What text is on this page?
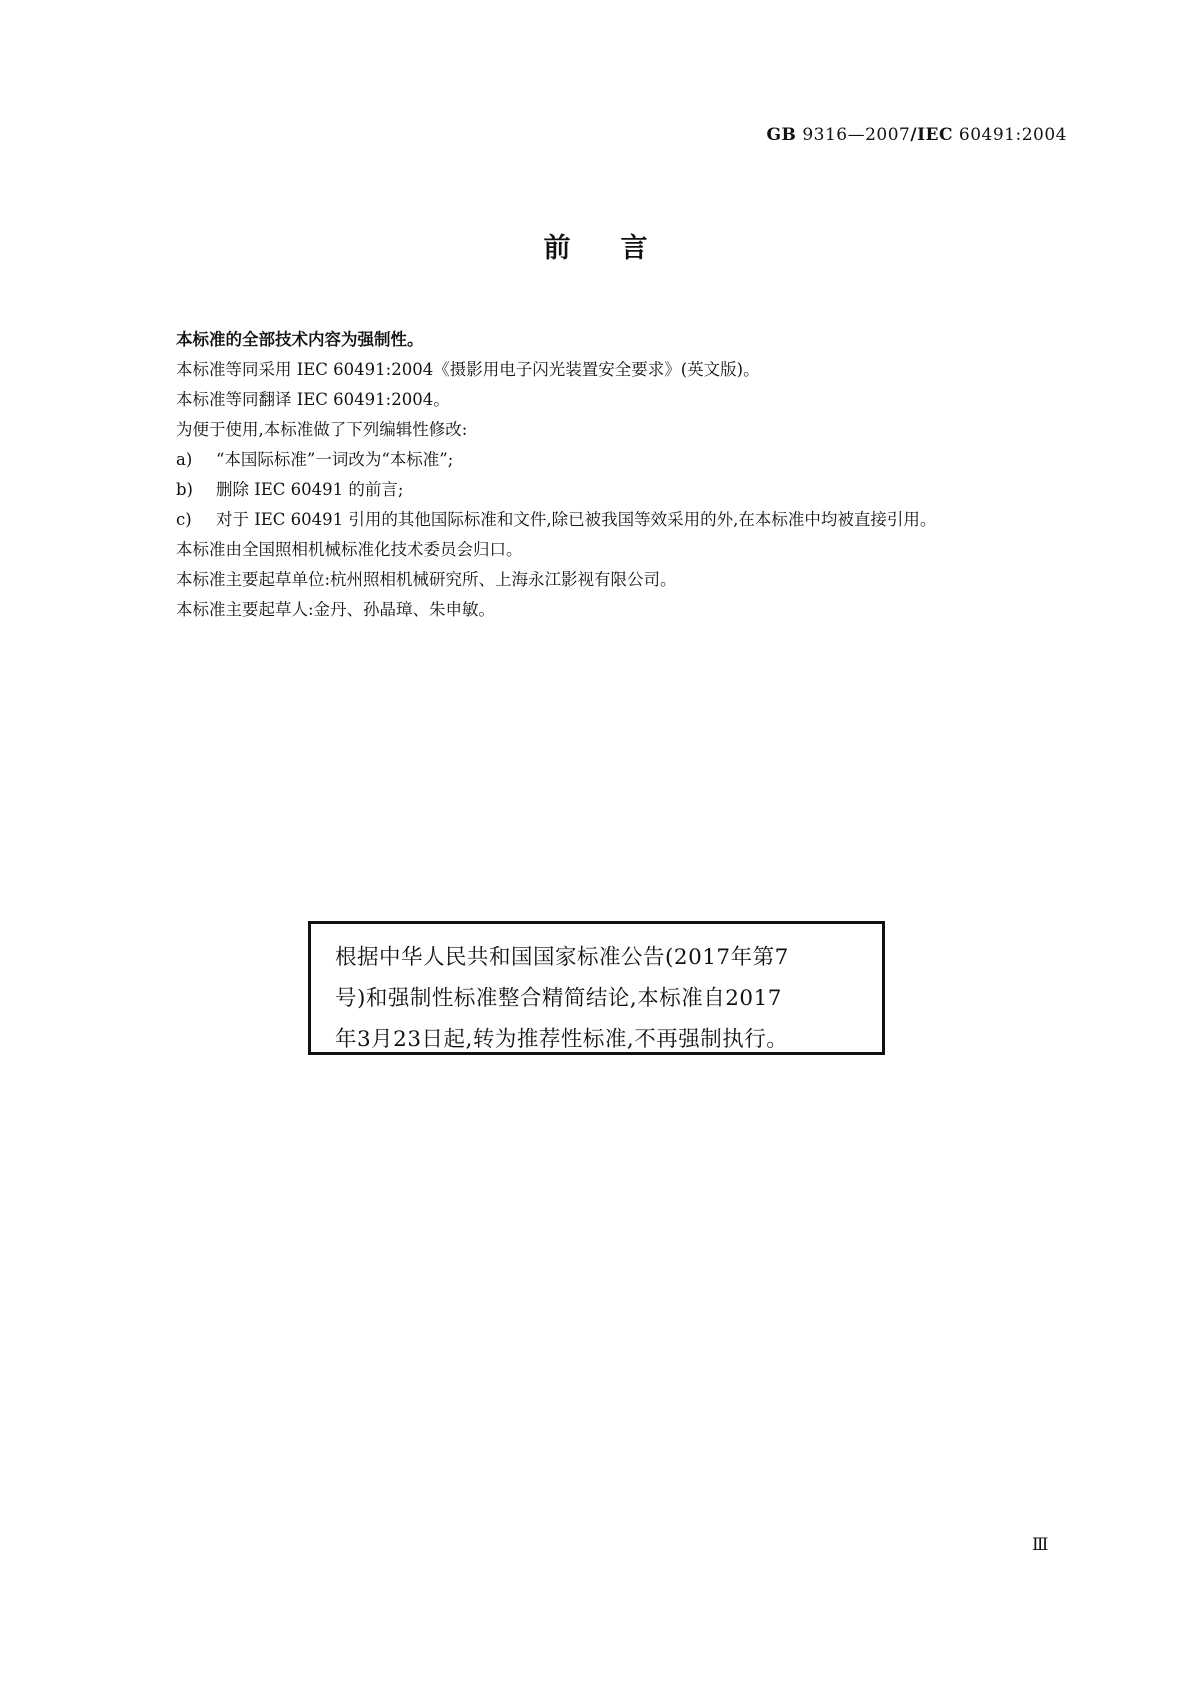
GB 9316—2007/IEC 60491:2004
前言

本标准的全部技术内容为强制性。

本标准等同采用 IEC 60491:2004《摄影用电子闪光装置安全要求》(英文版)。

本标准等同翻译 IEC 60491:2004。

为便于使用,本标准做了下列编辑性修改:

a)	“本国际标准”一词改为“本标准”;
b)	删除 IEC 60491 的前言;
c)	对于 IEC 60491 引用的其他国际标准和文件,除已被我国等效采用的外,在本标准中均被直接引用。

本标准由全国照相机械标准化技术委员会归口。

本标准主要起草单位:杭州照相机械研究所、上海永江影视有限公司。

本标准主要起草人:金丹、孙晶璋、朱申敏。

根据中华人民共和国国家标准公告(2017年第7
号)和强制性标准整合精简结论,本标准自2017
年3月23日起,转为推荐性标准,不再强制执行。
Ⅲ
